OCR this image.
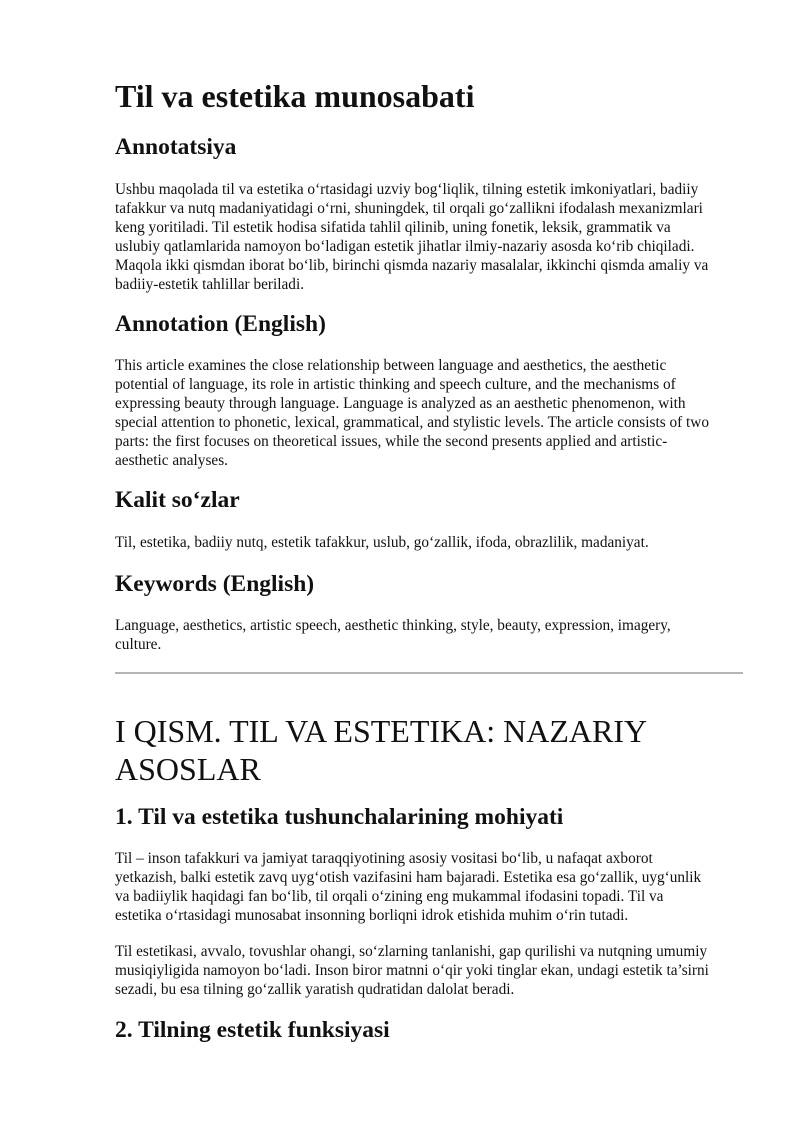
Til va estetika munosabati
Annotatsiya

Ushbu maqolada til va estetika o‘rtasidagi uzviy bog‘liqlik, tilning estetik imkoniyatlari, badiiy
tafakkur va nutq madaniyatidagi o‘rni, shuningdek, til orqali go‘zallikni ifodalash mexanizmlari
keng yoritiladi. Til estetik hodisa sifatida tahlil qilinib, uning fonetik, leksik, grammatik va
uslubiy qatlamlarida namoyon bo‘ladigan estetik jihatlar ilmiy-nazariy asosda ko‘rib chiqiladi.
Maqola ikki qismdan iborat bo‘lib, birinchi qismda nazariy masalalar, ikkinchi qismda amaliy va
badiiy-estetik tahlillar beriladi.

Annotation (English)

This article examines the close relationship between language and aesthetics, the aesthetic
potential of language, its role in artistic thinking and speech culture, and the mechanisms of
expressing beauty through language. Language is analyzed as an aesthetic phenomenon, with
special attention to phonetic, lexical, grammatical, and stylistic levels. The article consists of two
parts: the first focuses on theoretical issues, while the second presents applied and artistic-
aesthetic analyses.

Kalit so‘zlar

Til, estetika, badiiy nutq, estetik tafakkur, uslub, go‘zallik, ifoda, obrazlilik, madaniyat.

Keywords (English)

Language, aesthetics, artistic speech, aesthetic thinking, style, beauty, expression, imagery,
culture.

I QISM. TIL VA ESTETIKA: NAZARIY
ASOSLAR
1. Til va estetika tushunchalarining mohiyati

Til – inson tafakkuri va jamiyat taraqqiyotining asosiy vositasi bo‘lib, u nafaqat axborot
yetkazish, balki estetik zavq uyg‘otish vazifasini ham bajaradi. Estetika esa go‘zallik, uyg‘unlik
va badiiylik haqidagi fan bo‘lib, til orqali o‘zining eng mukammal ifodasini topadi. Til va
estetika o‘rtasidagi munosabat insonning borliqni idrok etishida muhim o‘rin tutadi.

Til estetikasi, avvalo, tovushlar ohangi, so‘zlarning tanlanishi, gap qurilishi va nutqning umumiy
musiqiyligida namoyon bo‘ladi. Inson biror matnni o‘qir yoki tinglar ekan, undagi estetik ta’sirni
sezadi, bu esa tilning go‘zallik yaratish qudratidan dalolat beradi.

2. Tilning estetik funksiyasi
